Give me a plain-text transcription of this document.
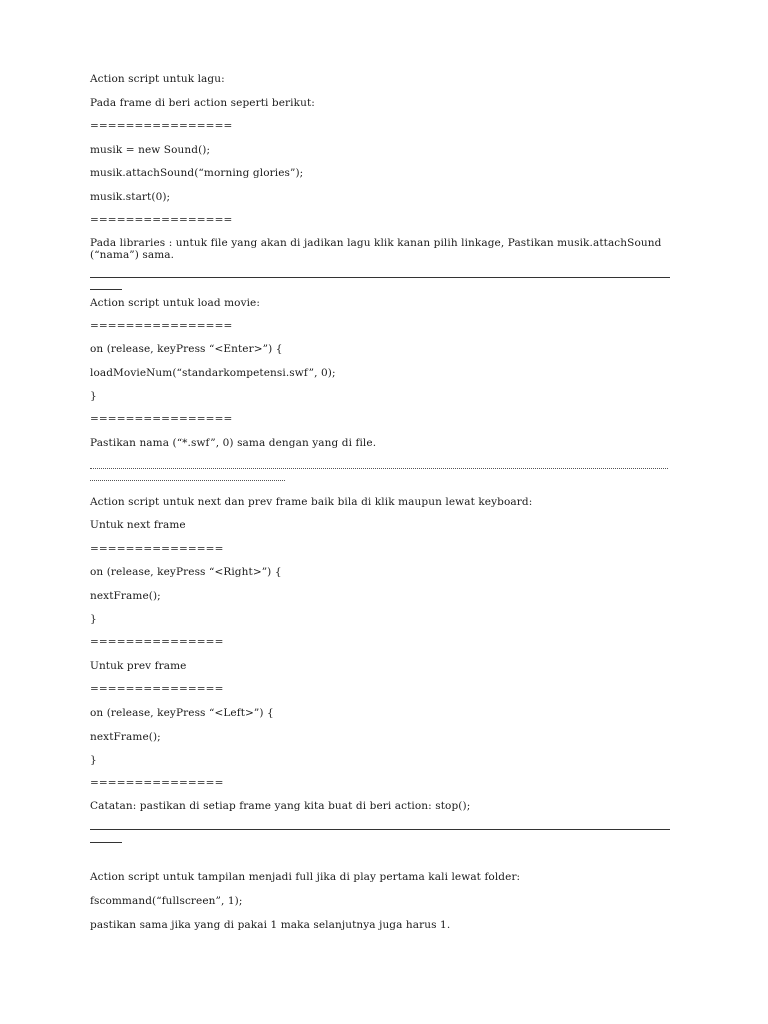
Action script untuk lagu:
Pada frame di beri action seperti berikut:
================
musik = new Sound();
musik.attachSound(“morning glories”);
musik.start(0);
================
Pada libraries : untuk file yang akan di jadikan lagu klik kanan pilih linkage, Pastikan musik.attachSound (“nama”) sama.
Action script untuk load movie:
================
on (release, keyPress “<Enter>”) {
loadMovieNum(“standarkompetensi.swf”, 0);
}
================
Pastikan nama (“*.swf”, 0) sama dengan yang di file.
Action script untuk next dan prev frame baik bila di klik maupun lewat keyboard:
Untuk next frame
===============
on (release, keyPress “<Right>”) {
nextFrame();
}
===============
Untuk prev frame
===============
on (release, keyPress “<Left>”) {
nextFrame();
}
===============
Catatan: pastikan di setiap frame yang kita buat di beri action: stop();
Action script untuk tampilan menjadi full jika di play pertama kali lewat folder:
fscommand(“fullscreen”, 1);
pastikan sama jika yang di pakai 1 maka selanjutnya juga harus 1.
